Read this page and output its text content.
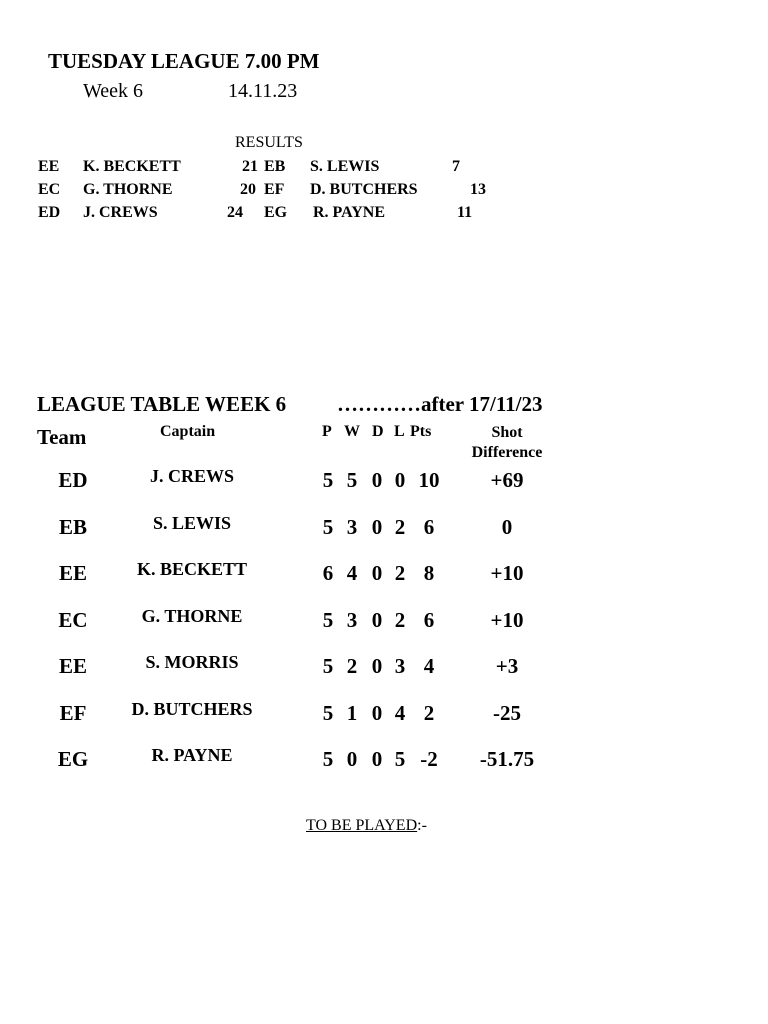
TUESDAY LEAGUE 7.00 PM
Week 6	14.11.23
RESULTS
EE K. BECKETT	21 EB S. LEWIS	7
EC G. THORNE	20 EF D. BUTCHERS	13
ED J. CREWS	24 EG R. PAYNE	11
LEAGUE TABLE WEEK 6 …………after 17/11/23
Team	Captain	P W D L Pts	Shot Difference
ED	J. CREWS	5 5 0 0 10	+69
EB	S. LEWIS	5 3 0 2 6	0
EE	K. BECKETT	6 4 0 2 8	+10
EC	G. THORNE	5 3 0 2 6	+10
EE	S. MORRIS	5 2 0 3 4	+3
EF	D. BUTCHERS	5 1 0 4 2	-25
EG	R. PAYNE	5 0 0 5 -2	-51.75
TO BE PLAYED:-
